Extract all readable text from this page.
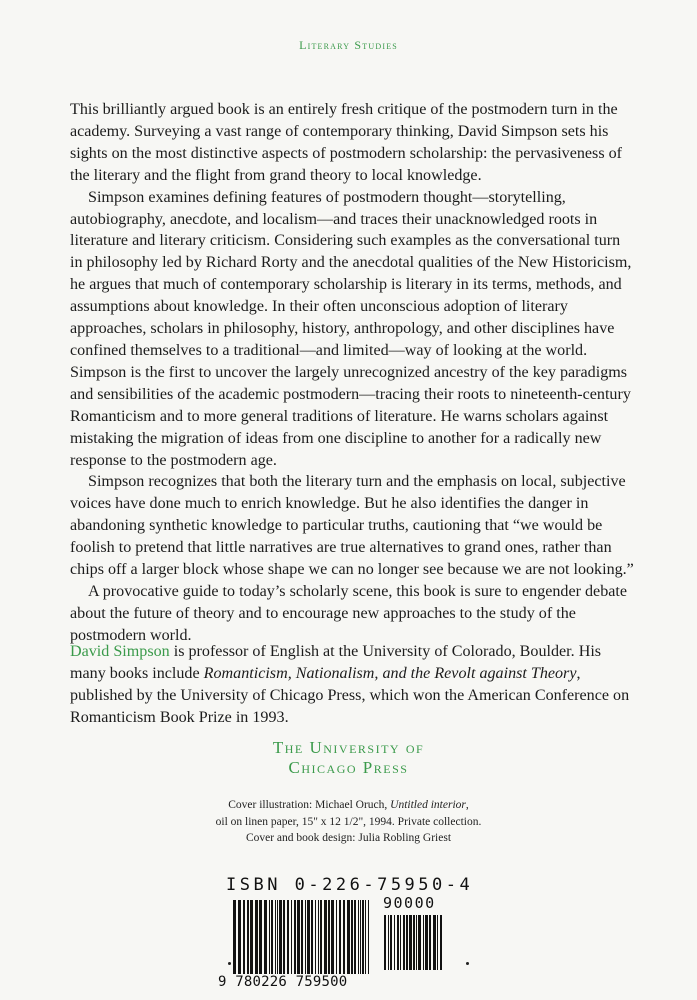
Literary Studies

This brilliantly argued book is an entirely fresh critique of the postmodern turn in the academy. Surveying a vast range of contemporary thinking, David Simpson sets his sights on the most distinctive aspects of postmodern scholarship: the pervasiveness of the literary and the flight from grand theory to local knowledge.

Simpson examines defining features of postmodern thought—storytelling, autobiography, anecdote, and localism—and traces their unacknowledged roots in literature and literary criticism. Considering such examples as the conversational turn in philosophy led by Richard Rorty and the anecdotal qualities of the New Historicism, he argues that much of contemporary scholarship is literary in its terms, methods, and assumptions about knowledge. In their often unconscious adoption of literary approaches, scholars in philosophy, history, anthropology, and other disciplines have confined themselves to a traditional—and limited—way of looking at the world. Simpson is the first to uncover the largely unrecognized ancestry of the key paradigms and sensibilities of the academic postmodern—tracing their roots to nineteenth-century Romanticism and to more general traditions of literature. He warns scholars against mistaking the migration of ideas from one discipline to another for a radically new response to the postmodern age.

Simpson recognizes that both the literary turn and the emphasis on local, subjective voices have done much to enrich knowledge. But he also identifies the danger in abandoning synthetic knowledge to particular truths, cautioning that “we would be foolish to pretend that little narratives are true alternatives to grand ones, rather than chips off a larger block whose shape we can no longer see because we are not looking.”

A provocative guide to today’s scholarly scene, this book is sure to engender debate about the future of theory and to encourage new approaches to the study of the postmodern world.

David Simpson is professor of English at the University of Colorado, Boulder. His many books include Romanticism, Nationalism, and the Revolt against Theory, published by the University of Chicago Press, which won the American Conference on Romanticism Book Prize in 1993.
The University of
Chicago Press
Cover illustration: Michael Oruch, Untitled interior,
oil on linen paper, 15" x 12 1/2", 1994. Private collection.
Cover and book design: Julia Robling Griest
ISBN 0-226-75950-4
90000
9 780226 759500
